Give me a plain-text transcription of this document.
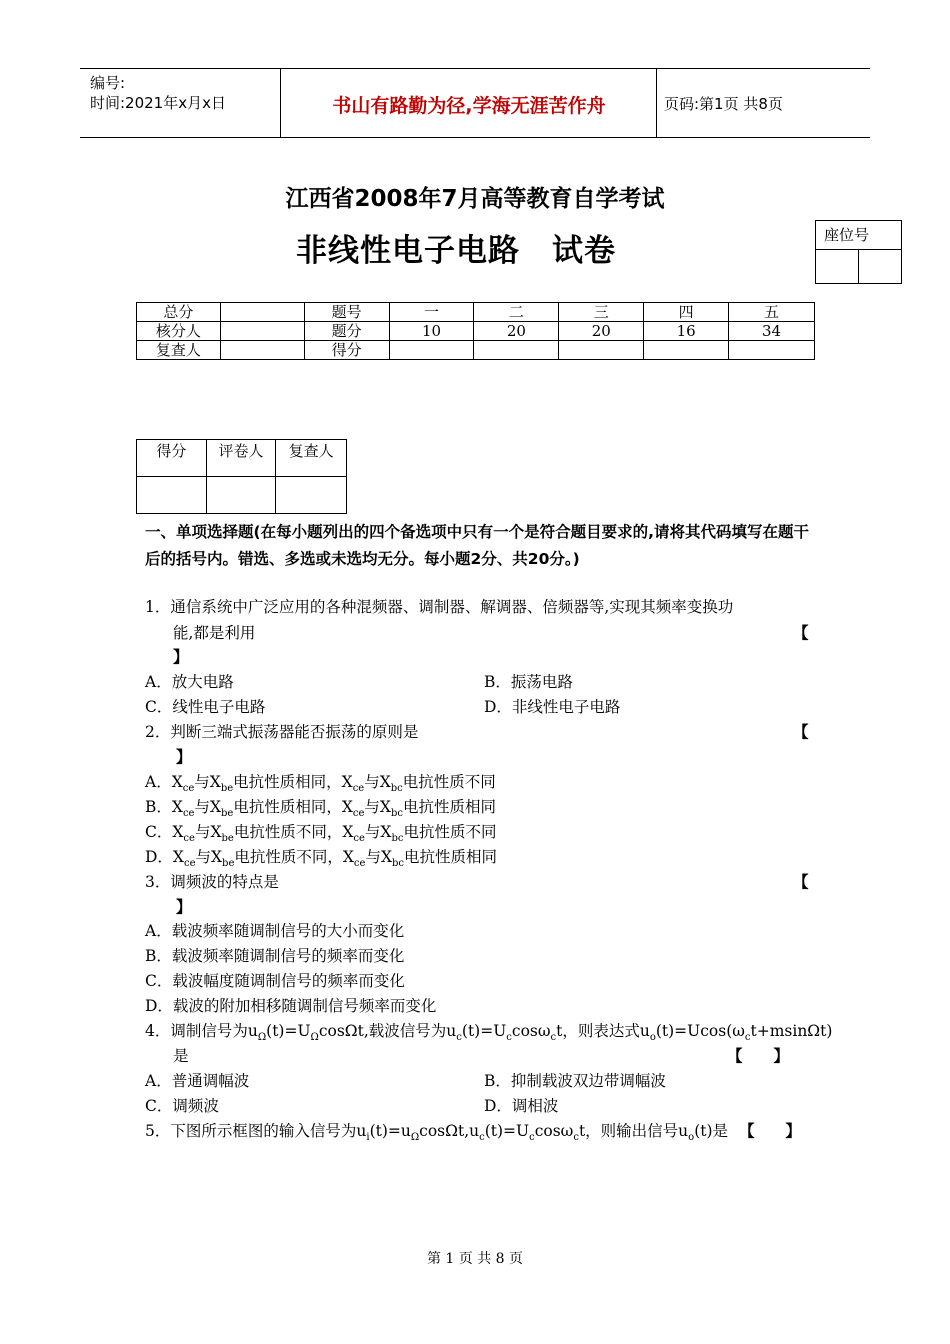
编号:
时间:2021年x月x日	书山有路勤为径,学海无涯苦作舟	页码:第1页 共8页
江西省2008年7月高等教育自学考试
非线性电子电路　试卷	座位号
总分		题号	一	二	三	四	五
核分人		题分	10	20	20	16	34
复查人		得分					
得分	评卷人	复查人

一、单项选择题(在每小题列出的四个备选项中只有一个是符合题目要求的,请将其代码填写在题干后的括号内。错选、多选或未选均无分。每小题2分、共20分。)
1．通信系统中广泛应用的各种混频器、调制器、解调器、倍频器等,实现其频率变换功
能,都是利用	【
】
A．放大电路	B．振荡电路
C．线性电子电路	D．非线性电子电路
2．判断三端式振荡器能否振荡的原则是	【
】
A．$X_{ce}$与$X_{be}$电抗性质相同，$X_{ce}$与$X_{bc}$电抗性质不同
B．$X_{ce}$与$X_{be}$电抗性质相同，$X_{ce}$与$X_{bc}$电抗性质相同
C．$X_{ce}$与$X_{be}$电抗性质不同，$X_{ce}$与$X_{bc}$电抗性质不同
D．$X_{ce}$与$X_{be}$电抗性质不同，$X_{ce}$与$X_{bc}$电抗性质相同
3．调频波的特点是	【
】
A．载波频率随调制信号的大小而变化
B．载波频率随调制信号的频率而变化
C．载波幅度随调制信号的频率而变化
D．载波的附加相移随调制信号频率而变化
4．调制信号为$u_\Omega(t)=U_\Omega\cos\Omega t$,载波信号为$u_c(t)=U_c\cos\omega_ct$，则表达式$u_o(t)=Ucos(\omega_ct+msin\Omega t)$
是	【　　】
A．普通调幅波	B．抑制载波双边带调幅波
C．调频波	D．调相波
5．下图所示框图的输入信号为$u_i(t)=u_\Omega\cos\Omega t,u_c(t)=U_c\cos\omega_ct$，则输出信号$u_o(t)$是 【　　】
第 1 页 共 8 页
